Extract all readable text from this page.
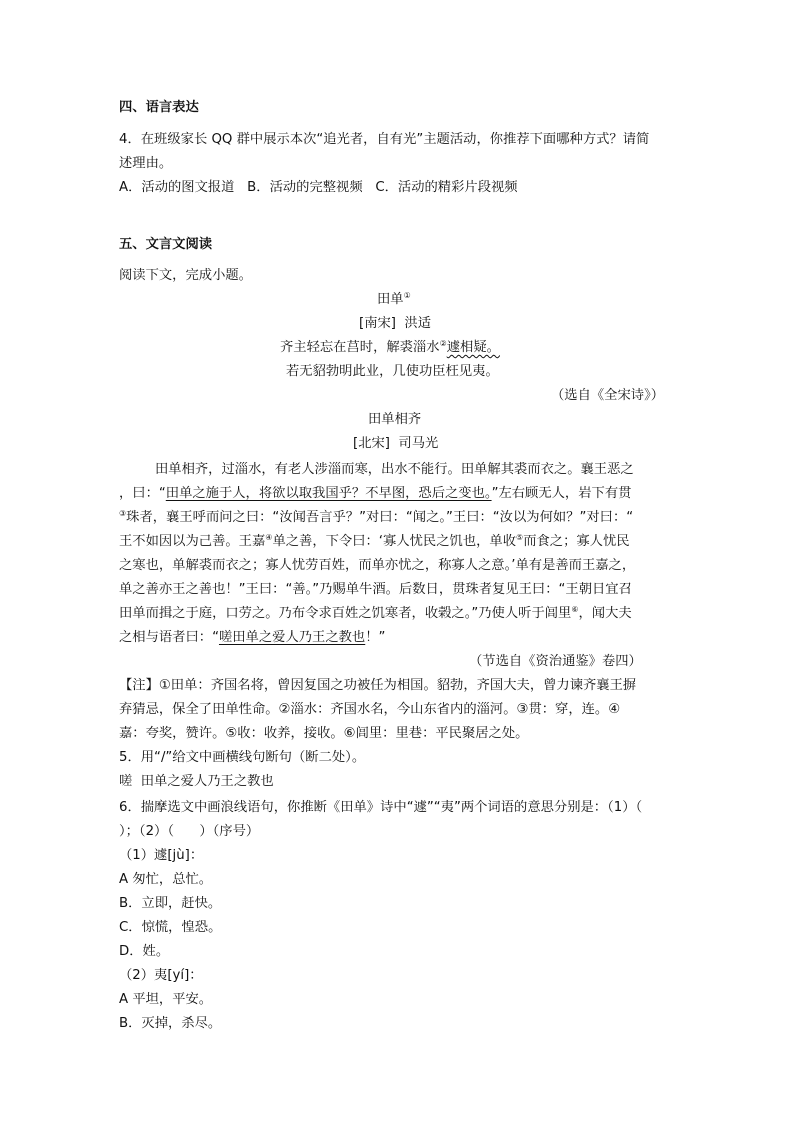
四、语言表达
4．在班级家长 QQ 群中展示本次“追光者，自有光”主题活动，你推荐下面哪种方式？请简
述理由。
A．活动的图文报道   B．活动的完整视频   C．活动的精彩片段视频
五、文言文阅读
阅读下文，完成小题。
田单①
[南宋]  洪适
齐主轻忘在莒时，解裘淄水②遽相疑。
若无貂勃明此业，几使功臣枉见夷。
（选自《全宋诗》）
田单相齐
[北宋]  司马光
田单相齐，过淄水，有老人涉淄而寒，出水不能行。田单解其裘而衣之。襄王恶之
，曰：“田单之施于人，将欲以取我国乎？不早图，恐后之变也。”左右顾无人，岩下有贯
③珠者，襄王呼而问之曰：“汝闻吾言乎？”对曰：“闻之。”王曰：“汝以为何如？”对曰：“
王不如因以为己善。王嘉④单之善，下令曰：‘寡人忧民之饥也，单收⑤而食之；寡人忧民
之寒也，单解裘而衣之；寡人忧劳百姓，而单亦忧之，称寡人之意。’单有是善而王嘉之，
单之善亦王之善也！”王曰：“善。”乃赐单牛酒。后数日，贯珠者复见王曰：“王朝日宜召
田单而揖之于庭，口劳之。乃布令求百姓之饥寒者，收榖之。”乃使人听于闾里⑥，闻大夫
之相与语者曰：“嗟田单之爱人乃王之教也！”
（节选自《资治通鉴》卷四）
【注】①田单：齐国名将，曾因复国之功被任为相国。貂勃，齐国大夫，曾力谏齐襄王摒
弃猜忌，保全了田单性命。②淄水：齐国水名，今山东省内的淄河。③贯：穿，连。④
嘉：夸奖，赞许。⑤收：收养，接收。⑥闾里：里巷：平民聚居之处。
5．用“/”给文中画横线句断句（断二处）。
嗟  田单之爱人乃王之教也
6．揣摩选文中画浪线语句，你推断《田单》诗中“遽”“夷”两个词语的意思分别是：（1）（
）；（2）（      ）（序号）
（1）遽[jù]：
A 匆忙，总忙。
B．立即，赶快。
C．惊慌，惶恐。
D．姓。
（2）夷[yí]：
A 平坦，平安。
B．灭掉，杀尽。
